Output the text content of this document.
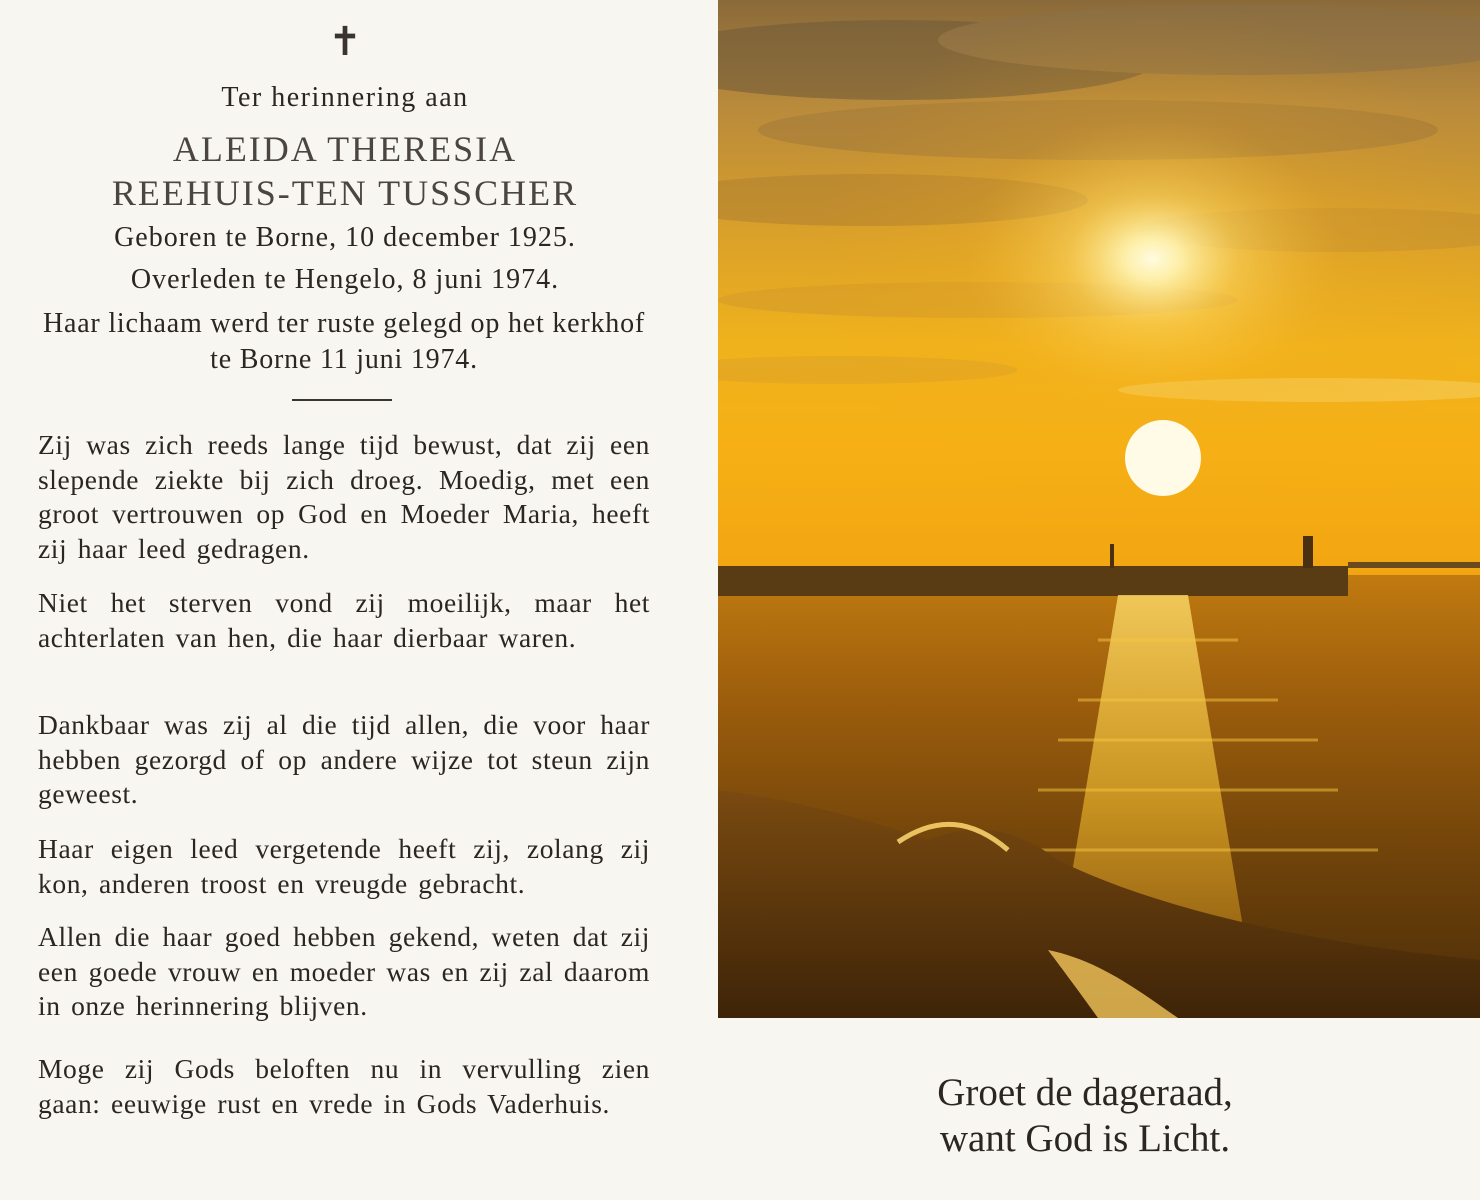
✝
Ter herinnering aan
ALEIDA THERESIA
REEHUIS-TEN TUSSCHER
Geboren te Borne, 10 december 1925.
Overleden te Hengelo, 8 juni 1974.
Haar lichaam werd ter ruste gelegd op het kerkhof te Borne 11 juni 1974.
Zij was zich reeds lange tijd bewust, dat zij een slepende ziekte bij zich droeg. Moedig, met een groot vertrouwen op God en Moeder Maria, heeft zij haar leed gedragen.
Niet het sterven vond zij moeilijk, maar het achterlaten van hen, die haar dierbaar waren.
Dankbaar was zij al die tijd allen, die voor haar hebben gezorgd of op andere wijze tot steun zijn geweest.
Haar eigen leed vergetende heeft zij, zolang zij kon, anderen troost en vreugde gebracht.
Allen die haar goed hebben gekend, weten dat zij een goede vrouw en moeder was en zij zal daarom in onze herinnering blijven.
Moge zij Gods beloften nu in vervulling zien gaan: eeuwige rust en vrede in Gods Vaderhuis.	Groet de dageraad,
want God is Licht.
